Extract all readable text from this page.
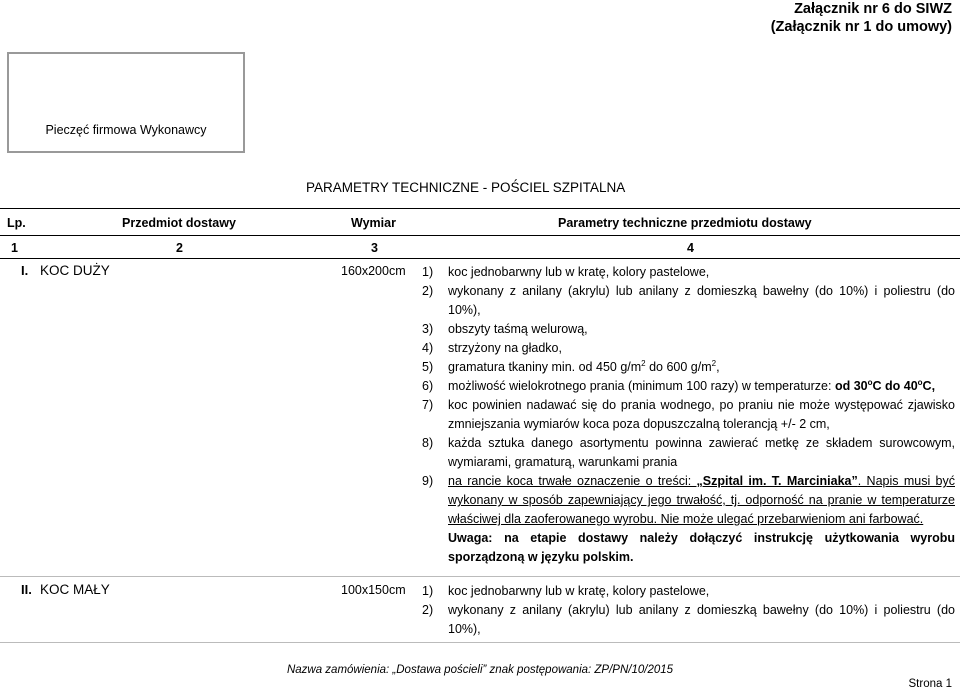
Załącznik nr 6 do SIWZ
(Załącznik nr 1 do umowy)
Pieczęć firmowa Wykonawcy
PARAMETRY TECHNICZNE - POŚCIEL SZPITALNA
Lp.	Przedmiot dostawy	Wymiar	Parametry techniczne przedmiotu dostawy
1	2	3	4
I. KOC DUŻY	160x200cm 1) koc jednobarwny lub w kratę, kolory pastelowe,
2) wykonany z anilany (akrylu) lub anilany z domieszką bawełny (do 10%) i poliestru (do 10%),
3) obszyty taśmą welurową,
4) strzyżony na gładko,
5) gramatura tkaniny min. od 450 $g/m^2$ do 600 $g/m^2$,
6) możliwość wielokrotnego prania (minimum 100 razy) w temperaturze: od 30$^o$C do 40$^o$C,
7) koc powinien nadawać się do prania wodnego, po praniu nie może występować zjawisko zmniejszania wymiarów koca poza dopuszczalną tolerancją +/- 2 cm,
8) każda sztuka danego asortymentu powinna zawierać metkę ze składem surowcowym, wymiarami, gramaturą, warunkami prania
9) na rancie koca trwałe oznaczenie o treści: „Szpital im. T. Marciniaka”. Napis musi być wykonany w sposób zapewniający jego trwałość, tj. odporność na pranie w temperaturze właściwej dla zaoferowanego wyrobu. Nie może ulegać przebarwieniom ani farbować.
Uwaga: na etapie dostawy należy dołączyć instrukcję użytkowania wyrobu sporządzoną w języku polskim.
II. KOC MAŁY	100x150cm 1) koc jednobarwny lub w kratę, kolory pastelowe,
2) wykonany z anilany (akrylu) lub anilany z domieszką bawełny (do 10%) i poliestru (do 10%),
Nazwa zamówienia: „Dostawa pościeli” znak postępowania: ZP/PN/10/2015
Strona 1
